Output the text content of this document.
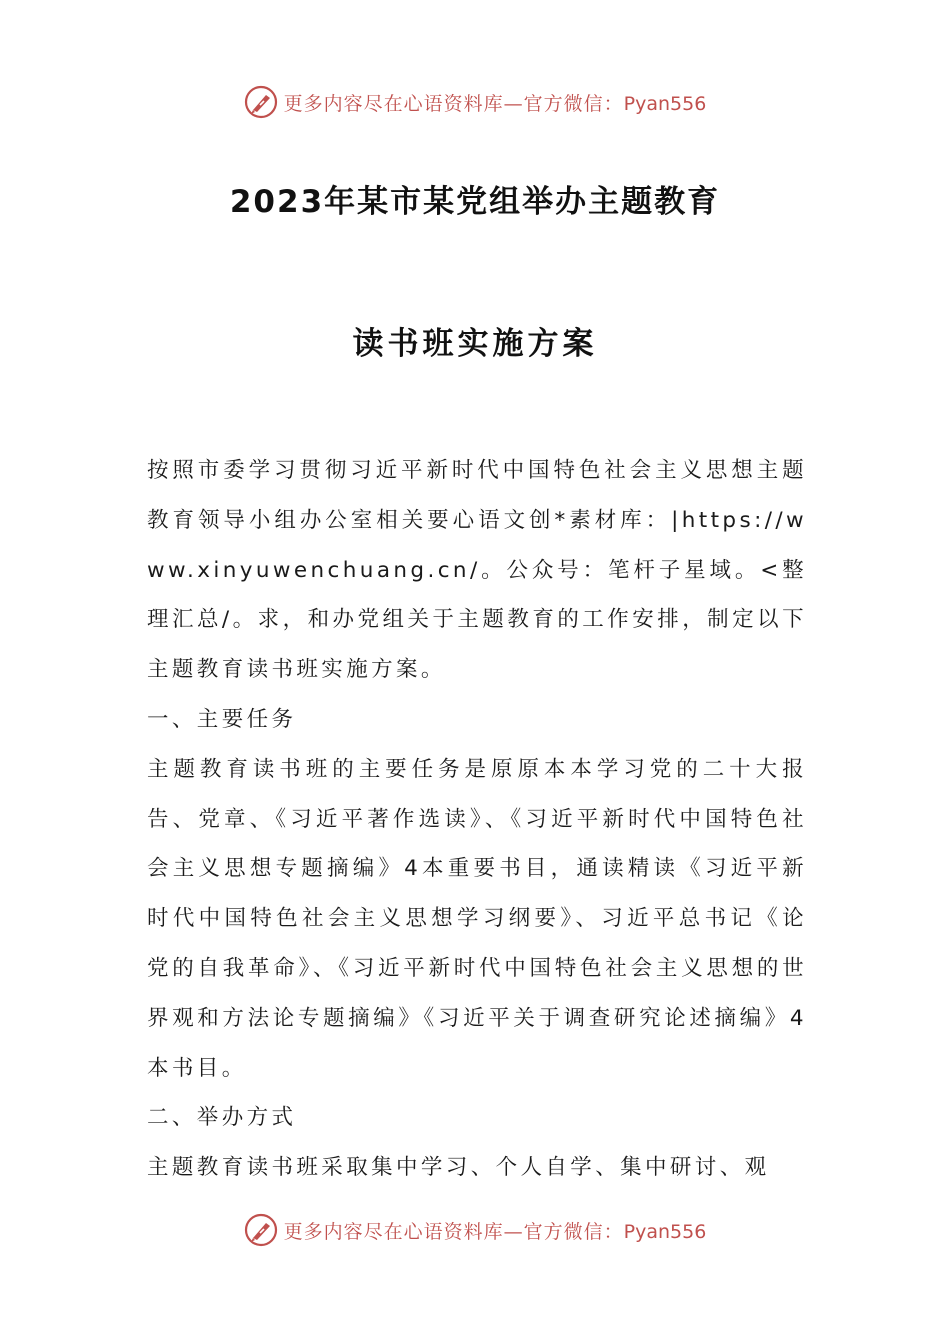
更多内容尽在心语资料库—官方微信：Pyan556
2023年某市某党组举办主题教育
读书班实施方案

按照市委学习贯彻习近平新时代中国特色社会主义思想主题教育领导小组办公室相关要心语文创*素材库：|https://www.xinyuwenchuang.cn/。公众号：笔杆子星域。<整理汇总/。求，和办党组关于主题教育的工作安排，制定以下主题教育读书班实施方案。

一、主要任务

主题教育读书班的主要任务是原原本本学习党的二十大报告、党章、《习近平著作选读》、《习近平新时代中国特色社会主义思想专题摘编》4本重要书目，通读精读《习近平新时代中国特色社会主义思想学习纲要》、习近平总书记《论党的自我革命》、《习近平新时代中国特色社会主义思想的世界观和方法论专题摘编》《习近平关于调查研究论述摘编》4本书目。

二、举办方式

主题教育读书班采取集中学习、个人自学、集中研讨、观

更多内容尽在心语资料库—官方微信：Pyan556
